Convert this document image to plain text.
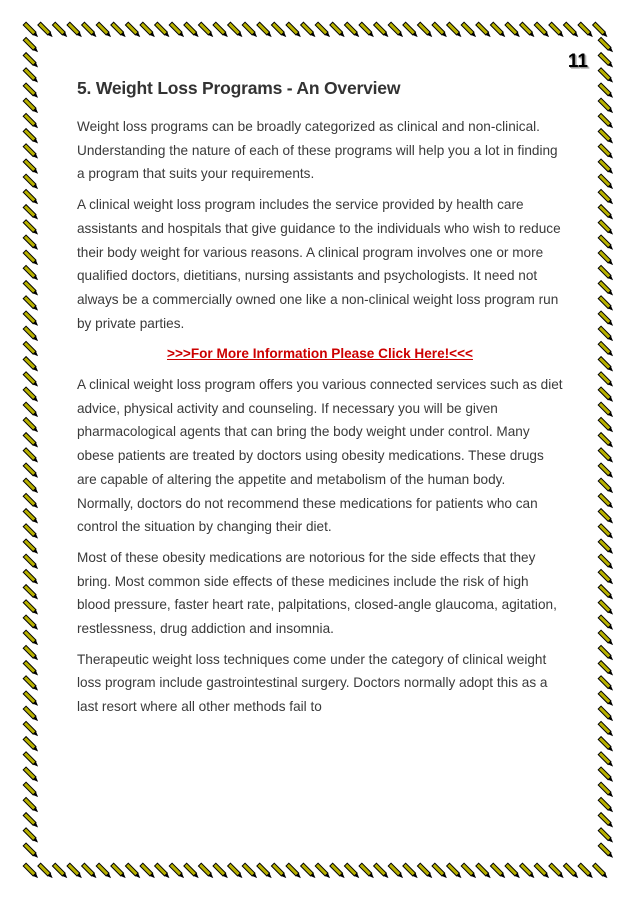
11

5. Weight Loss Programs - An Overview

Weight loss programs can be broadly categorized as clinical and non-clinical. Understanding the nature of each of these programs will help you a lot in finding a program that suits your requirements.

A clinical weight loss program includes the service provided by health care assistants and hospitals that give guidance to the individuals who wish to reduce their body weight for various reasons. A clinical program involves one or more qualified doctors, dietitians, nursing assistants and psychologists. It need not always be a commercially owned one like a non-clinical weight loss program run by private parties.

>>>For More Information Please Click Here!<<<

A clinical weight loss program offers you various connected services such as diet advice, physical activity and counseling. If necessary you will be given pharmacological agents that can bring the body weight under control. Many obese patients are treated by doctors using obesity medications. These drugs are capable of altering the appetite and metabolism of the human body. Normally, doctors do not recommend these medications for patients who can control the situation by changing their diet.

Most of these obesity medications are notorious for the side effects that they bring. Most common side effects of these medicines include the risk of high blood pressure, faster heart rate, palpitations, closed-angle glaucoma, agitation, restlessness, drug addiction and insomnia.

Therapeutic weight loss techniques come under the category of clinical weight loss program include gastrointestinal surgery. Doctors normally adopt this as a last resort where all other methods fail to
